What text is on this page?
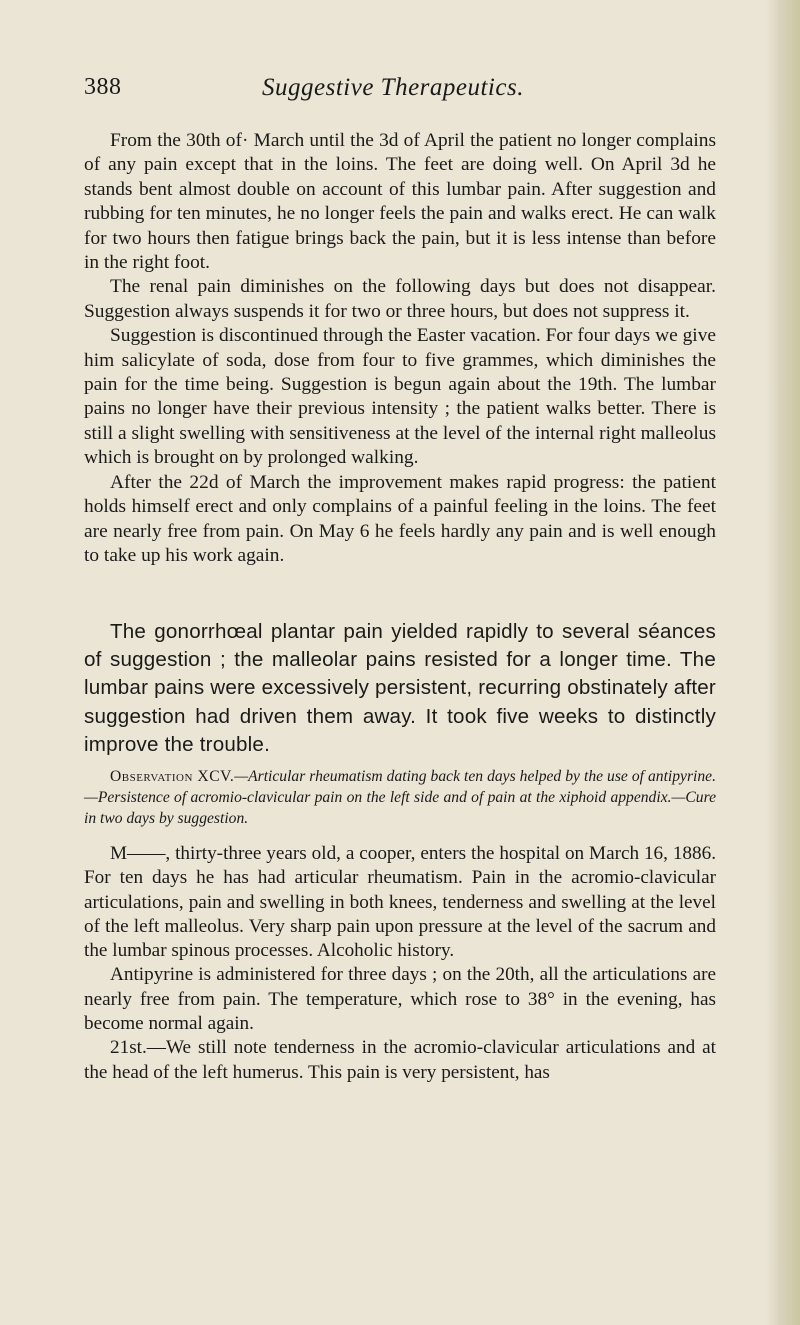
388	Suggestive Therapeutics.

From the 30th of· March until the 3d of April the patient no longer complains of any pain except that in the loins. The feet are doing well. On April 3d he stands bent almost double on account of this lumbar pain. After suggestion and rubbing for ten minutes, he no longer feels the pain and walks erect. He can walk for two hours then fatigue brings back the pain, but it is less intense than before in the right foot.

The renal pain diminishes on the following days but does not disappear. Suggestion always suspends it for two or three hours, but does not suppress it.

Suggestion is discontinued through the Easter vacation. For four days we give him salicylate of soda, dose from four to five grammes, which diminishes the pain for the time being. Suggestion is begun again about the 19th. The lumbar pains no longer have their previous intensity ; the patient walks better. There is still a slight swelling with sensitiveness at the level of the internal right malleolus which is brought on by prolonged walking.

After the 22d of March the improvement makes rapid progress: the patient holds himself erect and only complains of a painful feeling in the loins. The feet are nearly free from pain. On May 6 he feels hardly any pain and is well enough to take up his work again.

The gonorrhœal plantar pain yielded rapidly to several séances of suggestion ; the malleolar pains resisted for a longer time. The lumbar pains were excessively persistent, recurring obstinately after suggestion had driven them away. It took five weeks to distinctly improve the trouble.

Observation XCV.—Articular rheumatism dating back ten days helped by the use of antipyrine.—Persistence of acromio-clavicular pain on the left side and of pain at the xiphoid appendix.—Cure in two days by suggestion.

M——, thirty-three years old, a cooper, enters the hospital on March 16, 1886. For ten days he has had articular rheumatism. Pain in the acromio-clavicular articulations, pain and swelling in both knees, tenderness and swelling at the level of the left malleolus. Very sharp pain upon pressure at the level of the sacrum and the lumbar spinous processes. Alcoholic history.

Antipyrine is administered for three days ; on the 20th, all the articulations are nearly free from pain. The temperature, which rose to 38° in the evening, has become normal again.

21st.—We still note tenderness in the acromio-clavicular articulations and at the head of the left humerus. This pain is very persistent, has
